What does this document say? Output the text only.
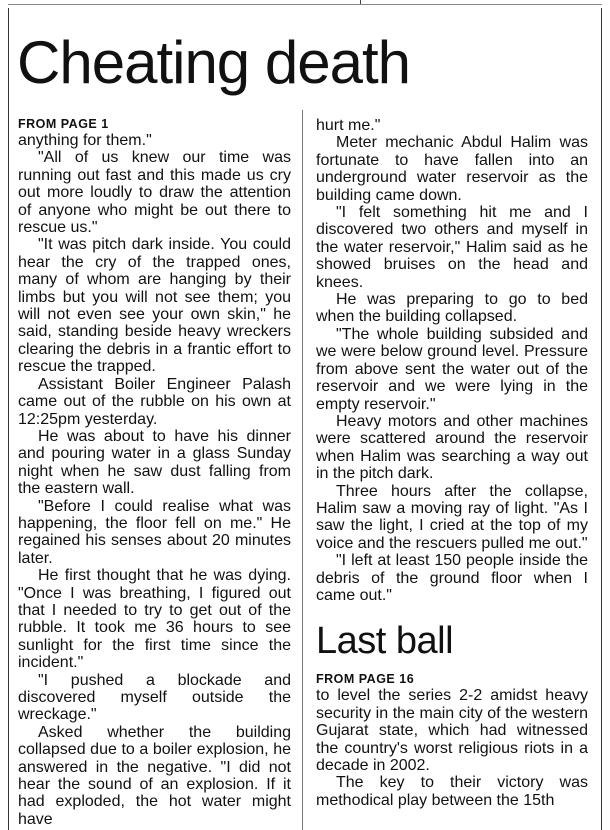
Cheating death

FROM PAGE 1

anything for them."

"All of us knew our time was running out fast and this made us cry out more loudly to draw the attention of anyone who might be out there to rescue us."

"It was pitch dark inside. You could hear the cry of the trapped ones, many of whom are hanging by their limbs but you will not see them; you will not even see your own skin," he said, standing beside heavy wreckers clearing the debris in a frantic effort to rescue the trapped.

Assistant Boiler Engineer Palash came out of the rubble on his own at 12:25pm yesterday.

He was about to have his dinner and pouring water in a glass Sunday night when he saw dust falling from the eastern wall.

"Before I could realise what was happening, the floor fell on me." He regained his senses about 20 minutes later.

He first thought that he was dying. "Once I was breathing, I figured out that I needed to try to get out of the rubble. It took me 36 hours to see sunlight for the first time since the incident."

"I pushed a blockade and discovered myself outside the wreckage."

Asked whether the building collapsed due to a boiler explosion, he answered in the negative. "I did not hear the sound of an explosion. If it had exploded, the hot water might have

hurt me."

Meter mechanic Abdul Halim was fortunate to have fallen into an underground water reservoir as the building came down.

"I felt something hit me and I discovered two others and myself in the water reservoir," Halim said as he showed bruises on the head and knees.

He was preparing to go to bed when the building collapsed.

"The whole building subsided and we were below ground level. Pressure from above sent the water out of the reservoir and we were lying in the empty reservoir."

Heavy motors and other machines were scattered around the reservoir when Halim was searching a way out in the pitch dark.

Three hours after the collapse, Halim saw a moving ray of light. "As I saw the light, I cried at the top of my voice and the rescuers pulled me out."

"I left at least 150 people inside the debris of the ground floor when I came out."

Last ball

FROM PAGE 16

to level the series 2-2 amidst heavy security in the main city of the western Gujarat state, which had witnessed the country's worst religious riots in a decade in 2002.

The key to their victory was methodical play between the 15th
